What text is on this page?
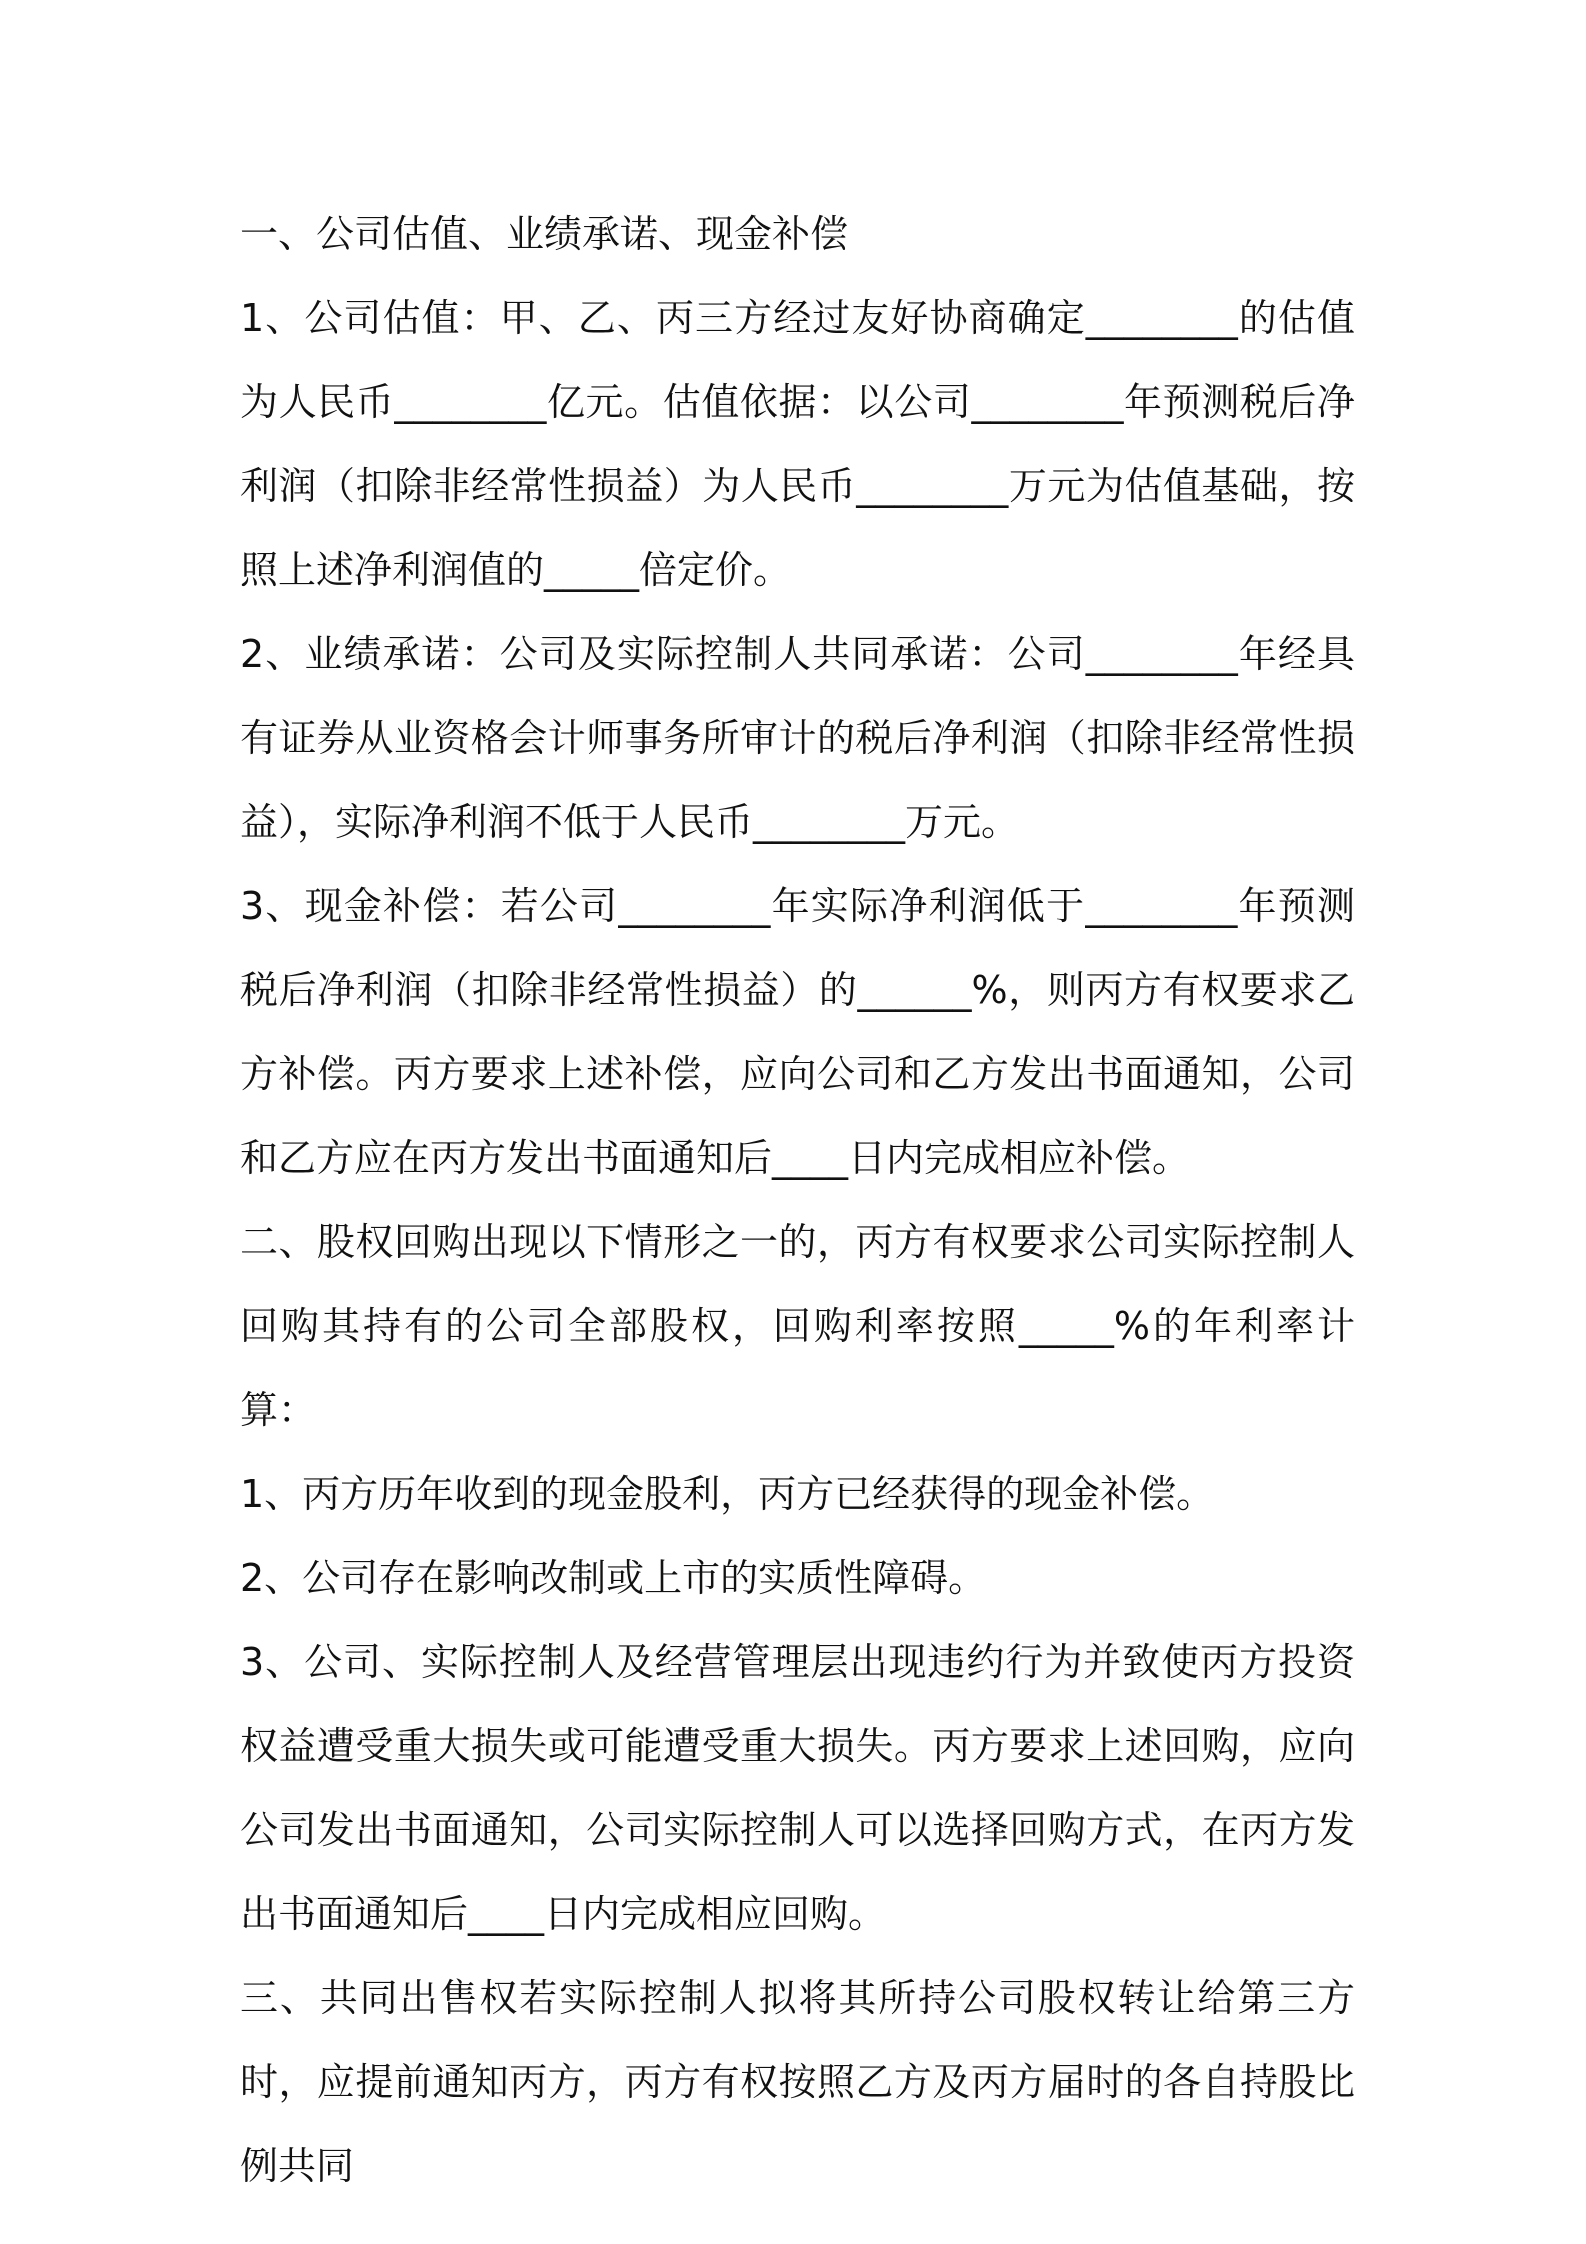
一、公司估值、业绩承诺、现金补偿

1、公司估值：甲、乙、丙三方经过友好协商确定________的估值为人民币________亿元。估值依据：以公司________年预测税后净利润（扣除非经常性损益）为人民币________万元为估值基础，按照上述净利润值的_____倍定价。

2、业绩承诺：公司及实际控制人共同承诺：公司________年经具有证券从业资格会计师事务所审计的税后净利润（扣除非经常性损益），实际净利润不低于人民币________万元。

3、现金补偿：若公司________年实际净利润低于________年预测税后净利润（扣除非经常性损益）的______%，则丙方有权要求乙方补偿。丙方要求上述补偿，应向公司和乙方发出书面通知，公司和乙方应在丙方发出书面通知后____日内完成相应补偿。

二、股权回购出现以下情形之一的，丙方有权要求公司实际控制人回购其持有的公司全部股权，回购利率按照_____%的年利率计算：

1、丙方历年收到的现金股利，丙方已经获得的现金补偿。

2、公司存在影响改制或上市的实质性障碍。

3、公司、实际控制人及经营管理层出现违约行为并致使丙方投资权益遭受重大损失或可能遭受重大损失。丙方要求上述回购，应向公司发出书面通知，公司实际控制人可以选择回购方式，在丙方发出书面通知后____日内完成相应回购。

三、共同出售权若实际控制人拟将其所持公司股权转让给第三方时，应提前通知丙方，丙方有权按照乙方及丙方届时的各自持股比例共同
